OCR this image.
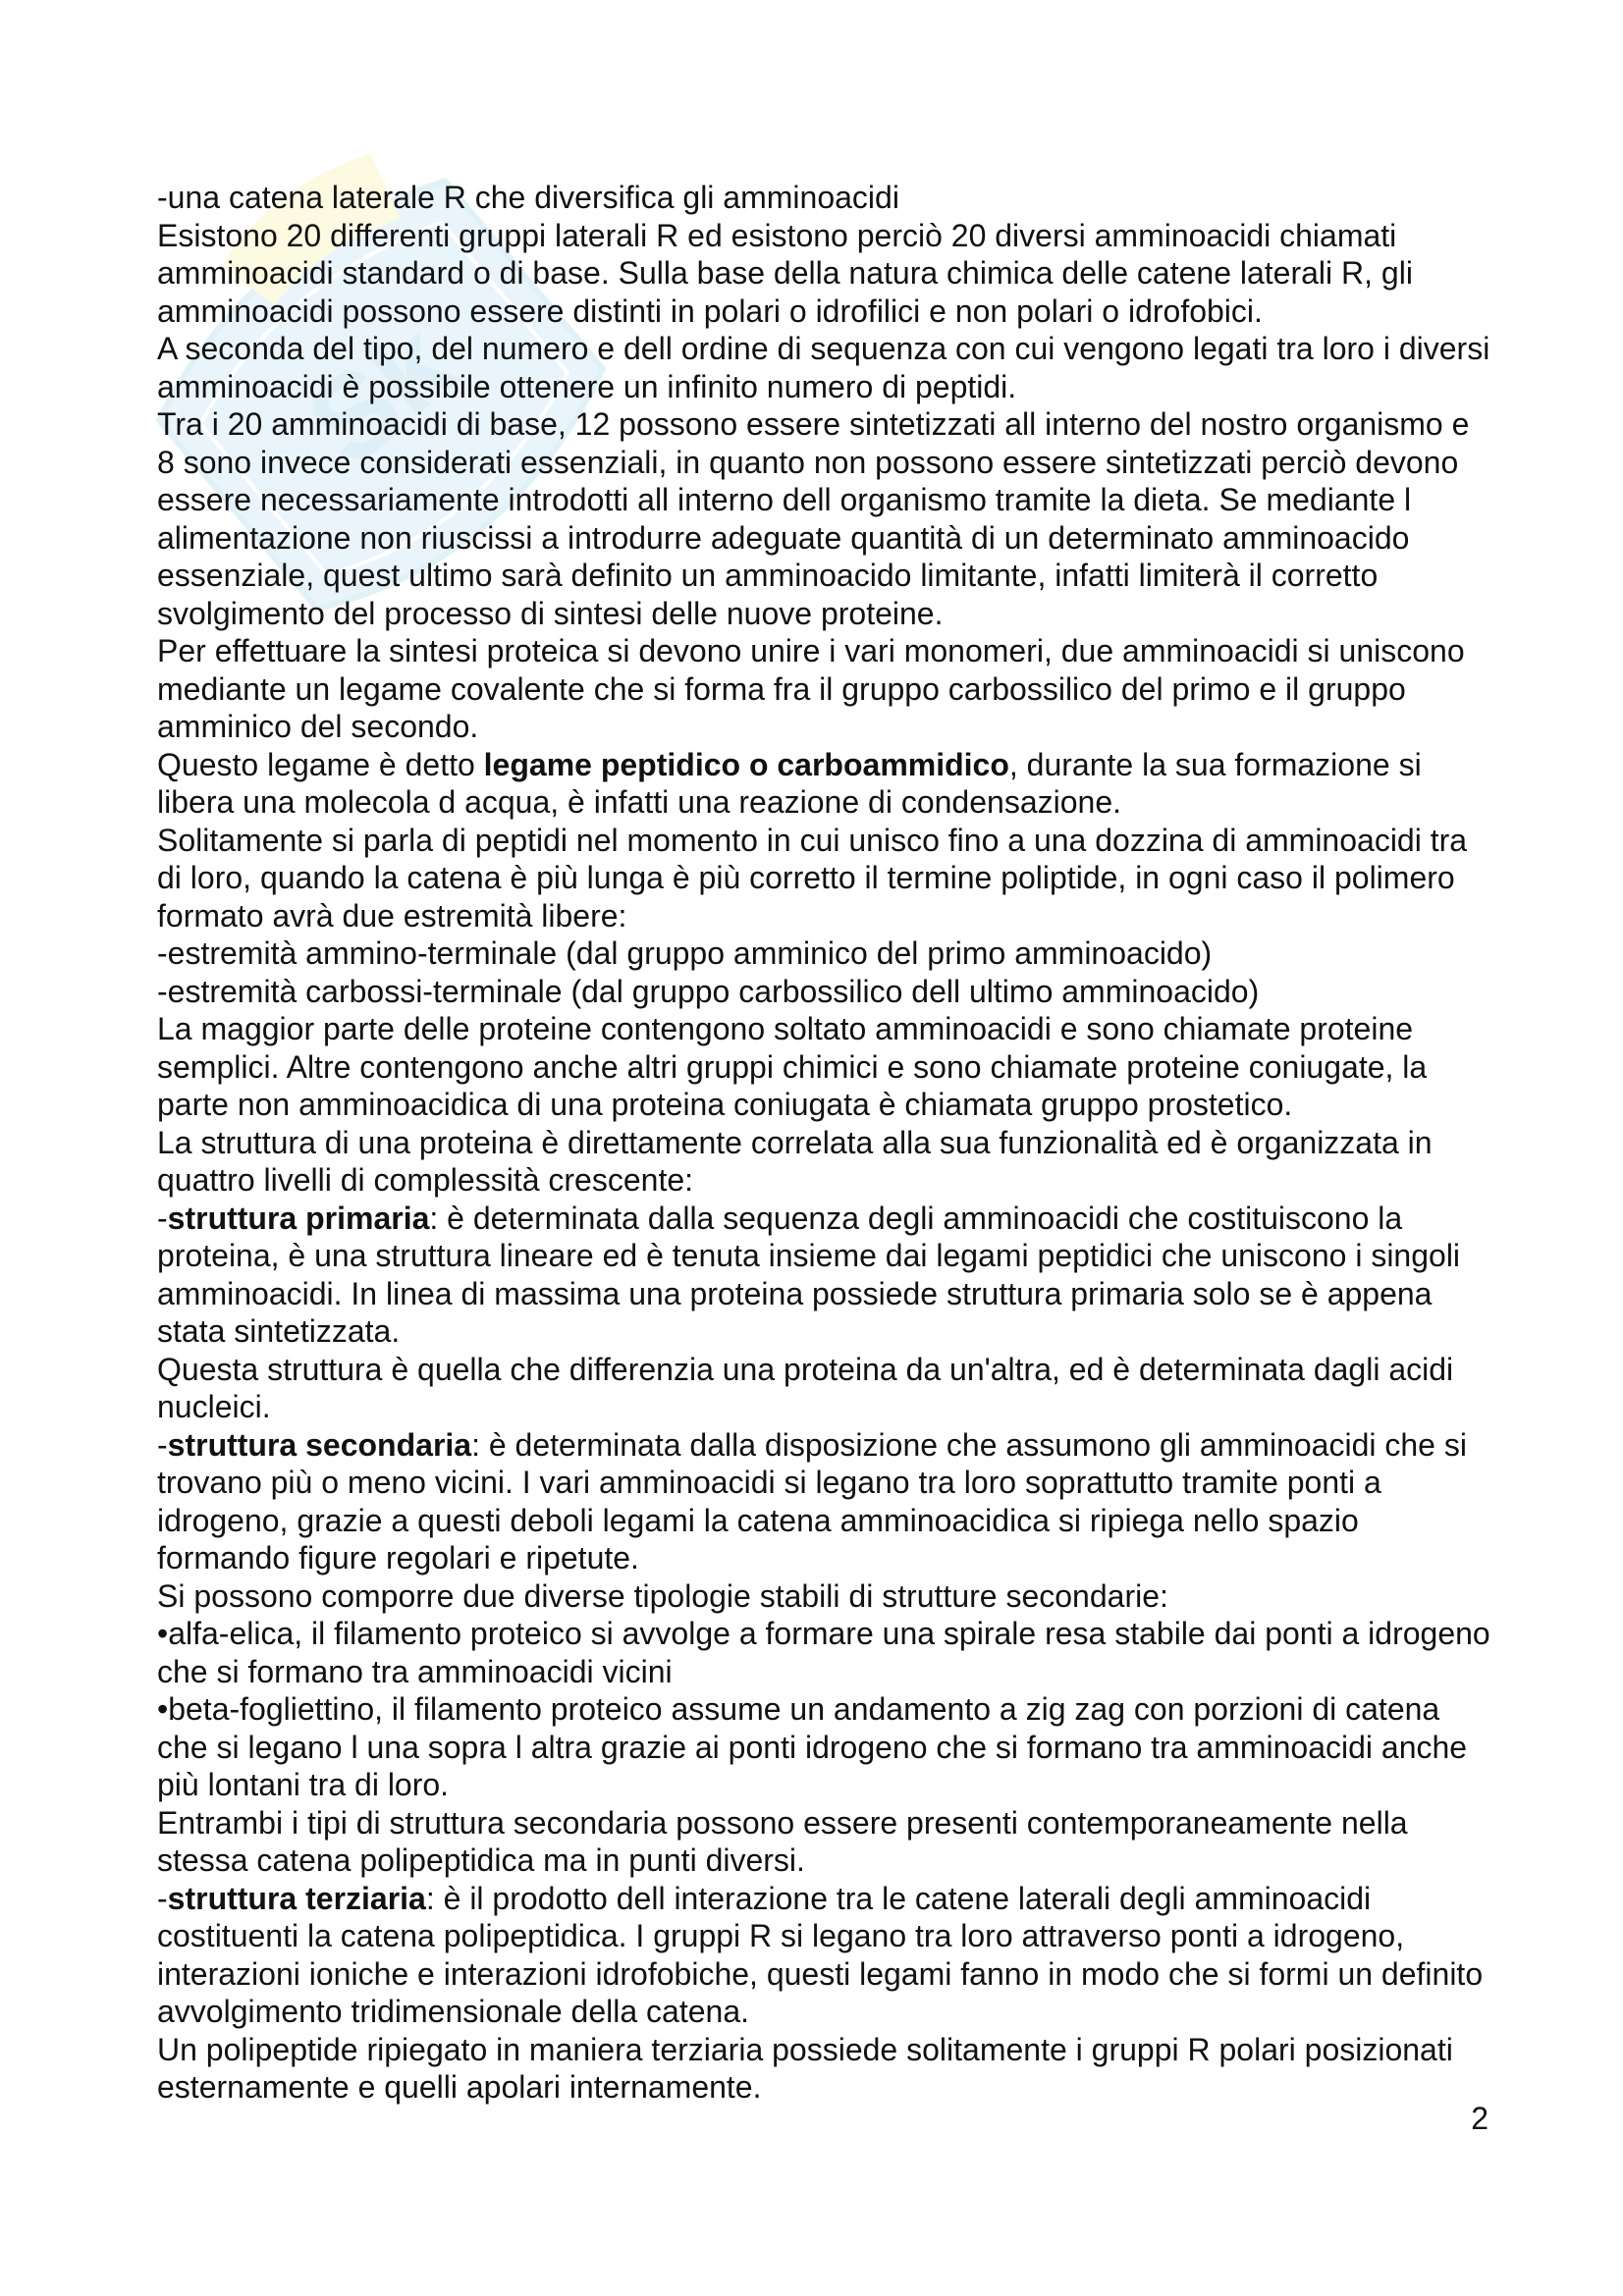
Sk

-una catena laterale R che diversifica gli amminoacidi

Esistono 20 differenti gruppi laterali R ed esistono perciò 20 diversi amminoacidi chiamati amminoacidi standard o di base. Sulla base della natura chimica delle catene laterali R, gli amminoacidi possono essere distinti in polari o idrofilici e non polari o idrofobici.

A seconda del tipo, del numero e dell ordine di sequenza con cui vengono legati tra loro i diversi amminoacidi è possibile ottenere un infinito numero di peptidi.

Tra i 20 amminoacidi di base, 12 possono essere sintetizzati all interno del nostro organismo e 8 sono invece considerati essenziali, in quanto non possono essere sintetizzati perciò devono essere necessariamente introdotti all interno dell organismo tramite la dieta. Se mediante l alimentazione non riuscissi a introdurre adeguate quantità di un determinato amminoacido essenziale, quest ultimo sarà definito un amminoacido limitante, infatti limiterà il corretto svolgimento del processo di sintesi delle nuove proteine.

Per effettuare la sintesi proteica si devono unire i vari monomeri, due amminoacidi si uniscono mediante un legame covalente che si forma fra il gruppo carbossilico del primo e il gruppo amminico del secondo.

Questo legame è detto legame peptidico o carboammidico, durante la sua formazione si libera una molecola d acqua, è infatti una reazione di condensazione.

Solitamente si parla di peptidi nel momento in cui unisco fino a una dozzina di amminoacidi tra di loro, quando la catena è più lunga è più corretto il termine poliptide, in ogni caso il polimero formato avrà due estremità libere:

-estremità ammino-terminale (dal gruppo amminico del primo amminoacido)

-estremità carbossi-terminale (dal gruppo carbossilico dell ultimo amminoacido)

La maggior parte delle proteine contengono soltato amminoacidi e sono chiamate proteine semplici. Altre contengono anche altri gruppi chimici e sono chiamate proteine coniugate, la parte non amminoacidica di una proteina coniugata è chiamata gruppo prostetico.

La struttura di una proteina è direttamente correlata alla sua funzionalità ed è organizzata in quattro livelli di complessità crescente:

-struttura primaria: è determinata dalla sequenza degli amminoacidi che costituiscono la proteina, è una struttura lineare ed è tenuta insieme dai legami peptidici che uniscono i singoli amminoacidi. In linea di massima una proteina possiede struttura primaria solo se è appena stata sintetizzata.

Questa struttura è quella che differenzia una proteina da un'altra, ed è determinata dagli acidi nucleici.

-struttura secondaria: è determinata dalla disposizione che assumono gli amminoacidi che si trovano più o meno vicini. I vari amminoacidi si legano tra loro soprattutto tramite ponti a idrogeno, grazie a questi deboli legami la catena amminoacidica si ripiega nello spazio formando figure regolari e ripetute.

Si possono comporre due diverse tipologie stabili di strutture secondarie:

•alfa-elica, il filamento proteico si avvolge a formare una spirale resa stabile dai ponti a idrogeno che si formano tra amminoacidi vicini

•beta-fogliettino, il filamento proteico assume un andamento a zig zag con porzioni di catena che si legano l una sopra l altra grazie ai ponti idrogeno che si formano tra amminoacidi anche più lontani tra di loro.

Entrambi i tipi di struttura secondaria possono essere presenti contemporaneamente nella stessa catena polipeptidica ma in punti diversi.

-struttura terziaria: è il prodotto dell interazione tra le catene laterali degli amminoacidi costituenti la catena polipeptidica. I gruppi R si legano tra loro attraverso ponti a idrogeno, interazioni ioniche e interazioni idrofobiche, questi legami fanno in modo che si formi un definito avvolgimento tridimensionale della catena.

Un polipeptide ripiegato in maniera terziaria possiede solitamente i gruppi R polari posizionati esternamente e quelli apolari internamente.

2
